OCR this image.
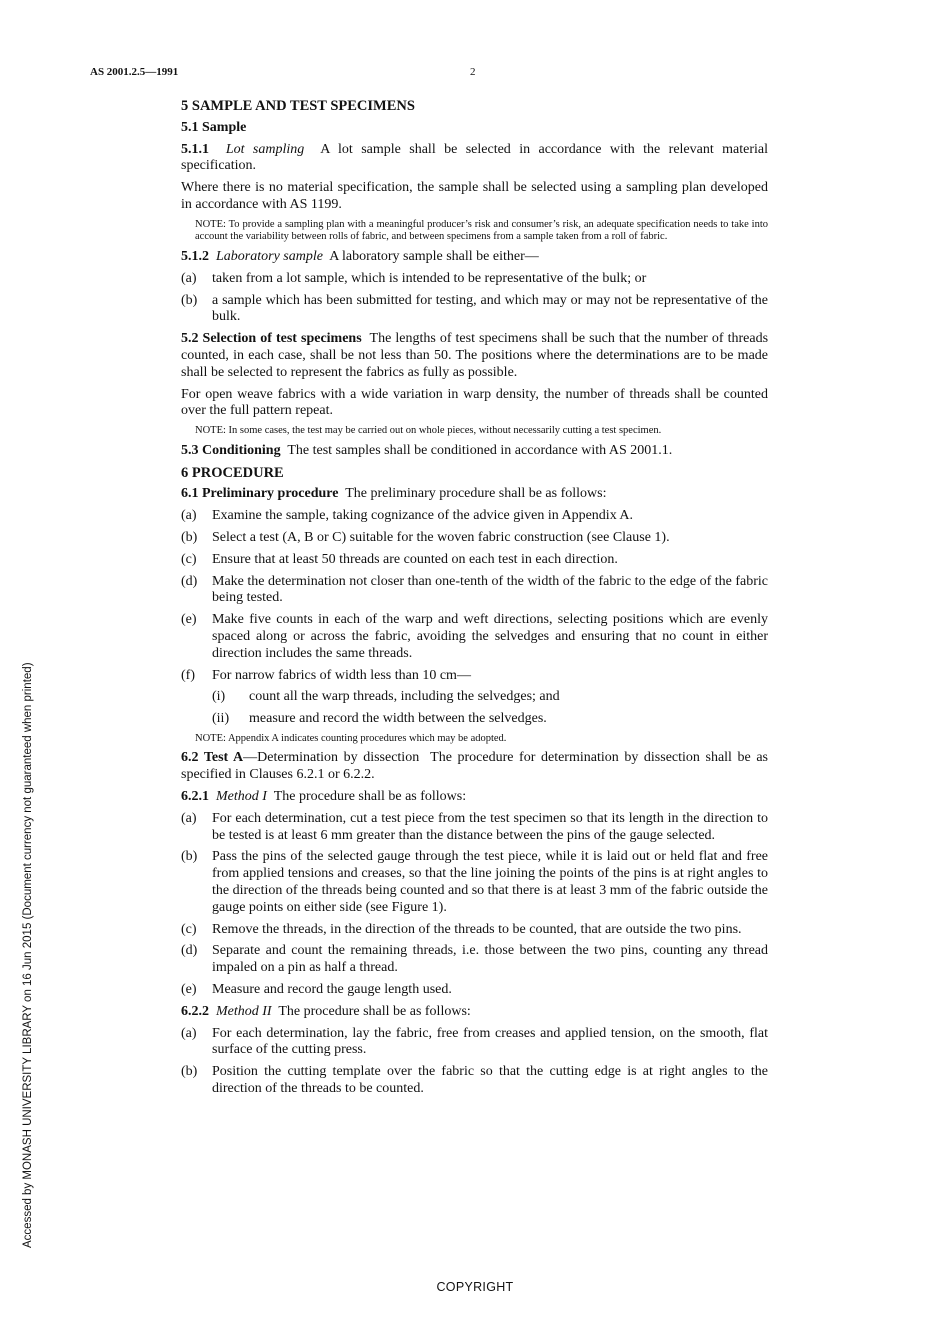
AS 2001.2.5—1991	2
Accessed by MONASH UNIVERSITY LIBRARY on 16 Jun 2015 (Document currency not guaranteed when printed)
5 SAMPLE AND TEST SPECIMENS
5.1 Sample

5.1.1 Lot sampling A lot sample shall be selected in accordance with the relevant material specification.

Where there is no material specification, the sample shall be selected using a sampling plan developed in accordance with AS 1199.

NOTE: To provide a sampling plan with a meaningful producer’s risk and consumer’s risk, an adequate specification needs to take into account the variability between rolls of fabric, and between specimens from a sample taken from a roll of fabric.

5.1.2 Laboratory sample A laboratory sample shall be either—

(a)	taken from a lot sample, which is intended to be representative of the bulk; or
(b)	a sample which has been submitted for testing, and which may or may not be representative of the bulk.

5.2 Selection of test specimens The lengths of test specimens shall be such that the number of threads counted, in each case, shall be not less than 50. The positions where the determinations are to be made shall be selected to represent the fabrics as fully as possible.

For open weave fabrics with a wide variation in warp density, the number of threads shall be counted over the full pattern repeat.

NOTE: In some cases, the test may be carried out on whole pieces, without necessarily cutting a test specimen.

5.3 Conditioning The test samples shall be conditioned in accordance with AS 2001.1.

6 PROCEDURE

6.1 Preliminary procedure The preliminary procedure shall be as follows:

(a)	Examine the sample, taking cognizance of the advice given in Appendix A.
(b)	Select a test (A, B or C) suitable for the woven fabric construction (see Clause 1).
(c)	Ensure that at least 50 threads are counted on each test in each direction.
(d)	Make the determination not closer than one-tenth of the width of the fabric to the edge of the fabric being tested.
(e)	Make five counts in each of the warp and weft directions, selecting positions which are evenly spaced along or across the fabric, avoiding the selvedges and ensuring that no count in either direction includes the same threads.
(f)	For narrow fabrics of width less than 10 cm—
(i)	count all the warp threads, including the selvedges; and
(ii)	measure and record the width between the selvedges.

NOTE: Appendix A indicates counting procedures which may be adopted.

6.2 Test A—Determination by dissection The procedure for determination by dissection shall be as specified in Clauses 6.2.1 or 6.2.2.

6.2.1 Method I The procedure shall be as follows:

(a)	For each determination, cut a test piece from the test specimen so that its length in the direction to be tested is at least 6 mm greater than the distance between the pins of the gauge selected.
(b)	Pass the pins of the selected gauge through the test piece, while it is laid out or held flat and free from applied tensions and creases, so that the line joining the points of the pins is at right angles to the direction of the threads being counted and so that there is at least 3 mm of the fabric outside the gauge points on either side (see Figure 1).
(c)	Remove the threads, in the direction of the threads to be counted, that are outside the two pins.
(d)	Separate and count the remaining threads, i.e. those between the two pins, counting any thread impaled on a pin as half a thread.
(e)	Measure and record the gauge length used.

6.2.2 Method II The procedure shall be as follows:

(a)	For each determination, lay the fabric, free from creases and applied tension, on the smooth, flat surface of the cutting press.
(b)	Position the cutting template over the fabric so that the cutting edge is at right angles to the direction of the threads to be counted.
COPYRIGHT
